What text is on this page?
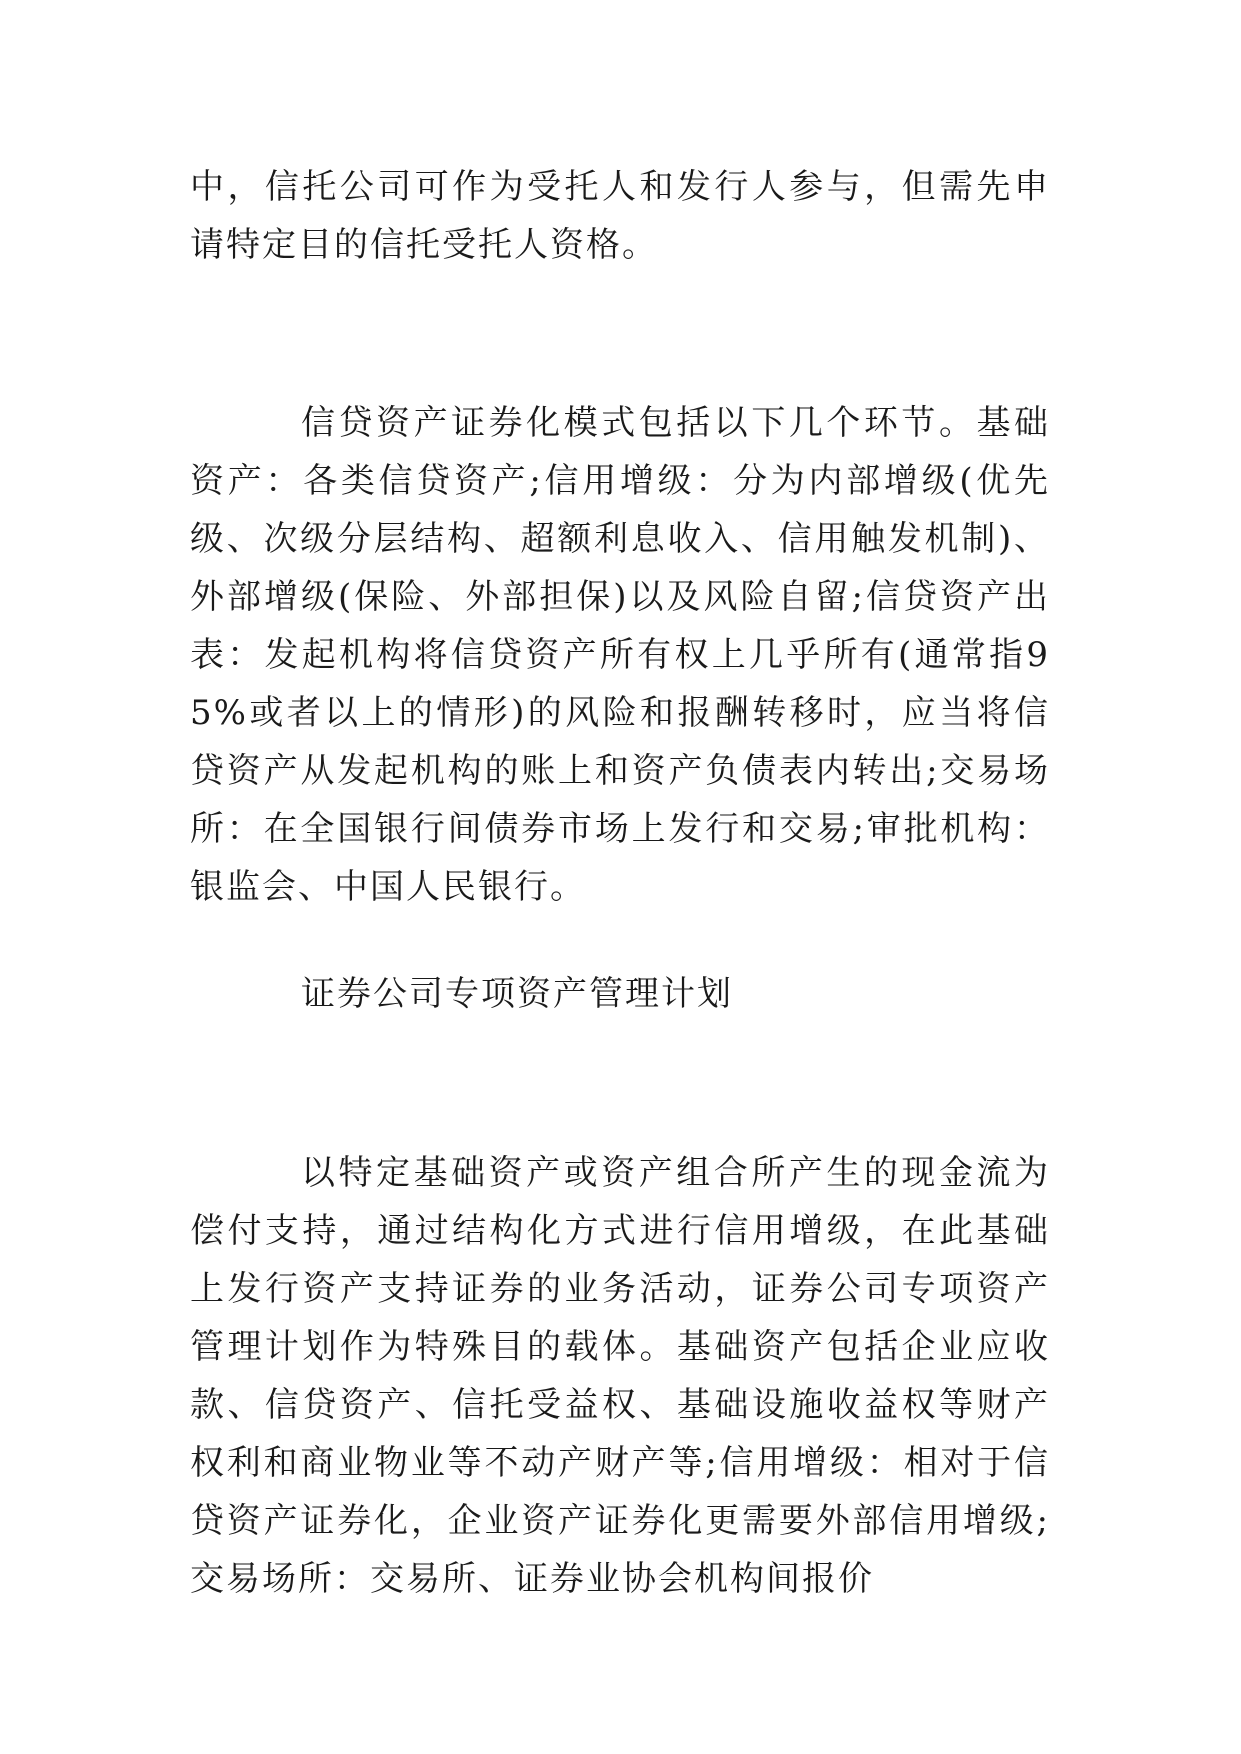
中，信托公司可作为受托人和发行人参与，但需先申请特定目的信托受托人资格。

信贷资产证券化模式包括以下几个环节。基础资产：各类信贷资产;信用增级：分为内部增级(优先级、次级分层结构、超额利息收入、信用触发机制)、外部增级(保险、外部担保)以及风险自留;信贷资产出表：发起机构将信贷资产所有权上几乎所有(通常指95%或者以上的情形)的风险和报酬转移时，应当将信贷资产从发起机构的账上和资产负债表内转出;交易场所：在全国银行间债券市场上发行和交易;审批机构：银监会、中国人民银行。

证券公司专项资产管理计划

以特定基础资产或资产组合所产生的现金流为偿付支持，通过结构化方式进行信用增级，在此基础上发行资产支持证券的业务活动，证券公司专项资产管理计划作为特殊目的载体。基础资产包括企业应收款、信贷资产、信托受益权、基础设施收益权等财产权利和商业物业等不动产财产等;信用增级：相对于信贷资产证券化，企业资产证券化更需要外部信用增级;交易场所：交易所、证券业协会机构间报价
